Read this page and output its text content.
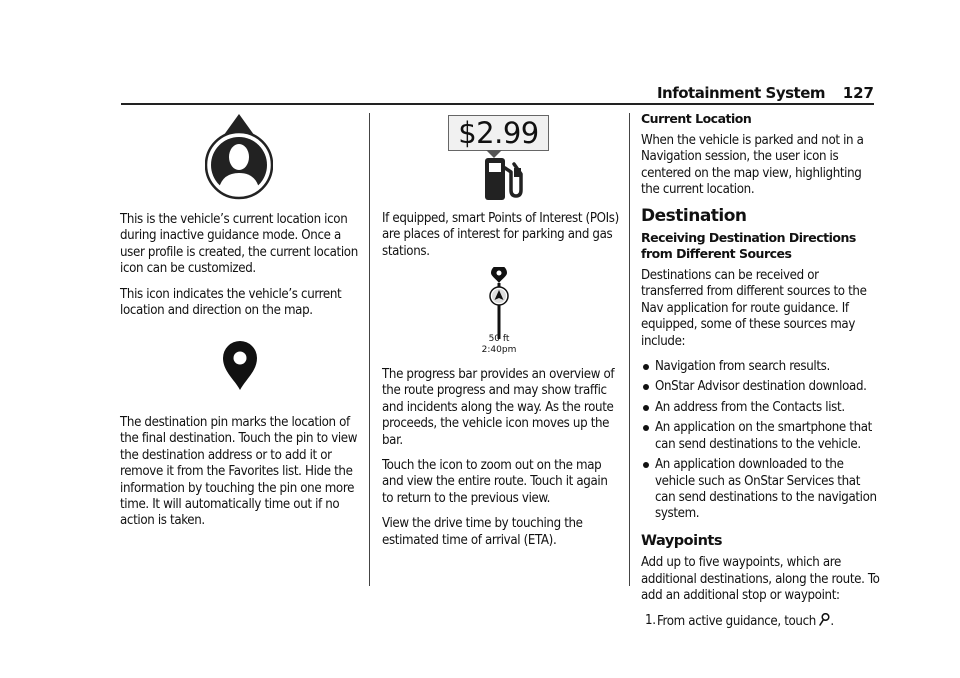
Infotainment System 127

This is the vehicle’s current location icon during inactive guidance mode. Once a user profile is created, the current location icon can be customized.

This icon indicates the vehicle’s current location and direction on the map.

The destination pin marks the location of the final destination. Touch the pin to view the destination address or to add it or remove it from the Favorites list. Hide the information by touching the pin one more time. It will automatically time out if no action is taken.

$2.99

If equipped, smart Points of Interest (POIs) are places of interest for parking and gas stations.

50 ft
2:40pm

The progress bar provides an overview of the route progress and may show traffic and incidents along the way. As the route proceeds, the vehicle icon moves up the bar.

Touch the icon to zoom out on the map and view the entire route. Touch it again to return to the previous view.

View the drive time by touching the estimated time of arrival (ETA).

Current Location

When the vehicle is parked and not in a Navigation session, the user icon is centered on the map view, highlighting the current location.

Destination
Receiving Destination Directions from Different Sources

Destinations can be received or transferred from different sources to the Nav application for route guidance. If equipped, some of these sources may include:

Navigation from search results.
OnStar Advisor destination download.
An address from the Contacts list.
An application on the smartphone that can send destinations to the vehicle.
An application downloaded to the vehicle such as OnStar Services that can send destinations to the navigation system.
Waypoints

Add up to five waypoints, which are additional destinations, along the route. To add an additional stop or waypoint:

1. From active guidance, touch .
